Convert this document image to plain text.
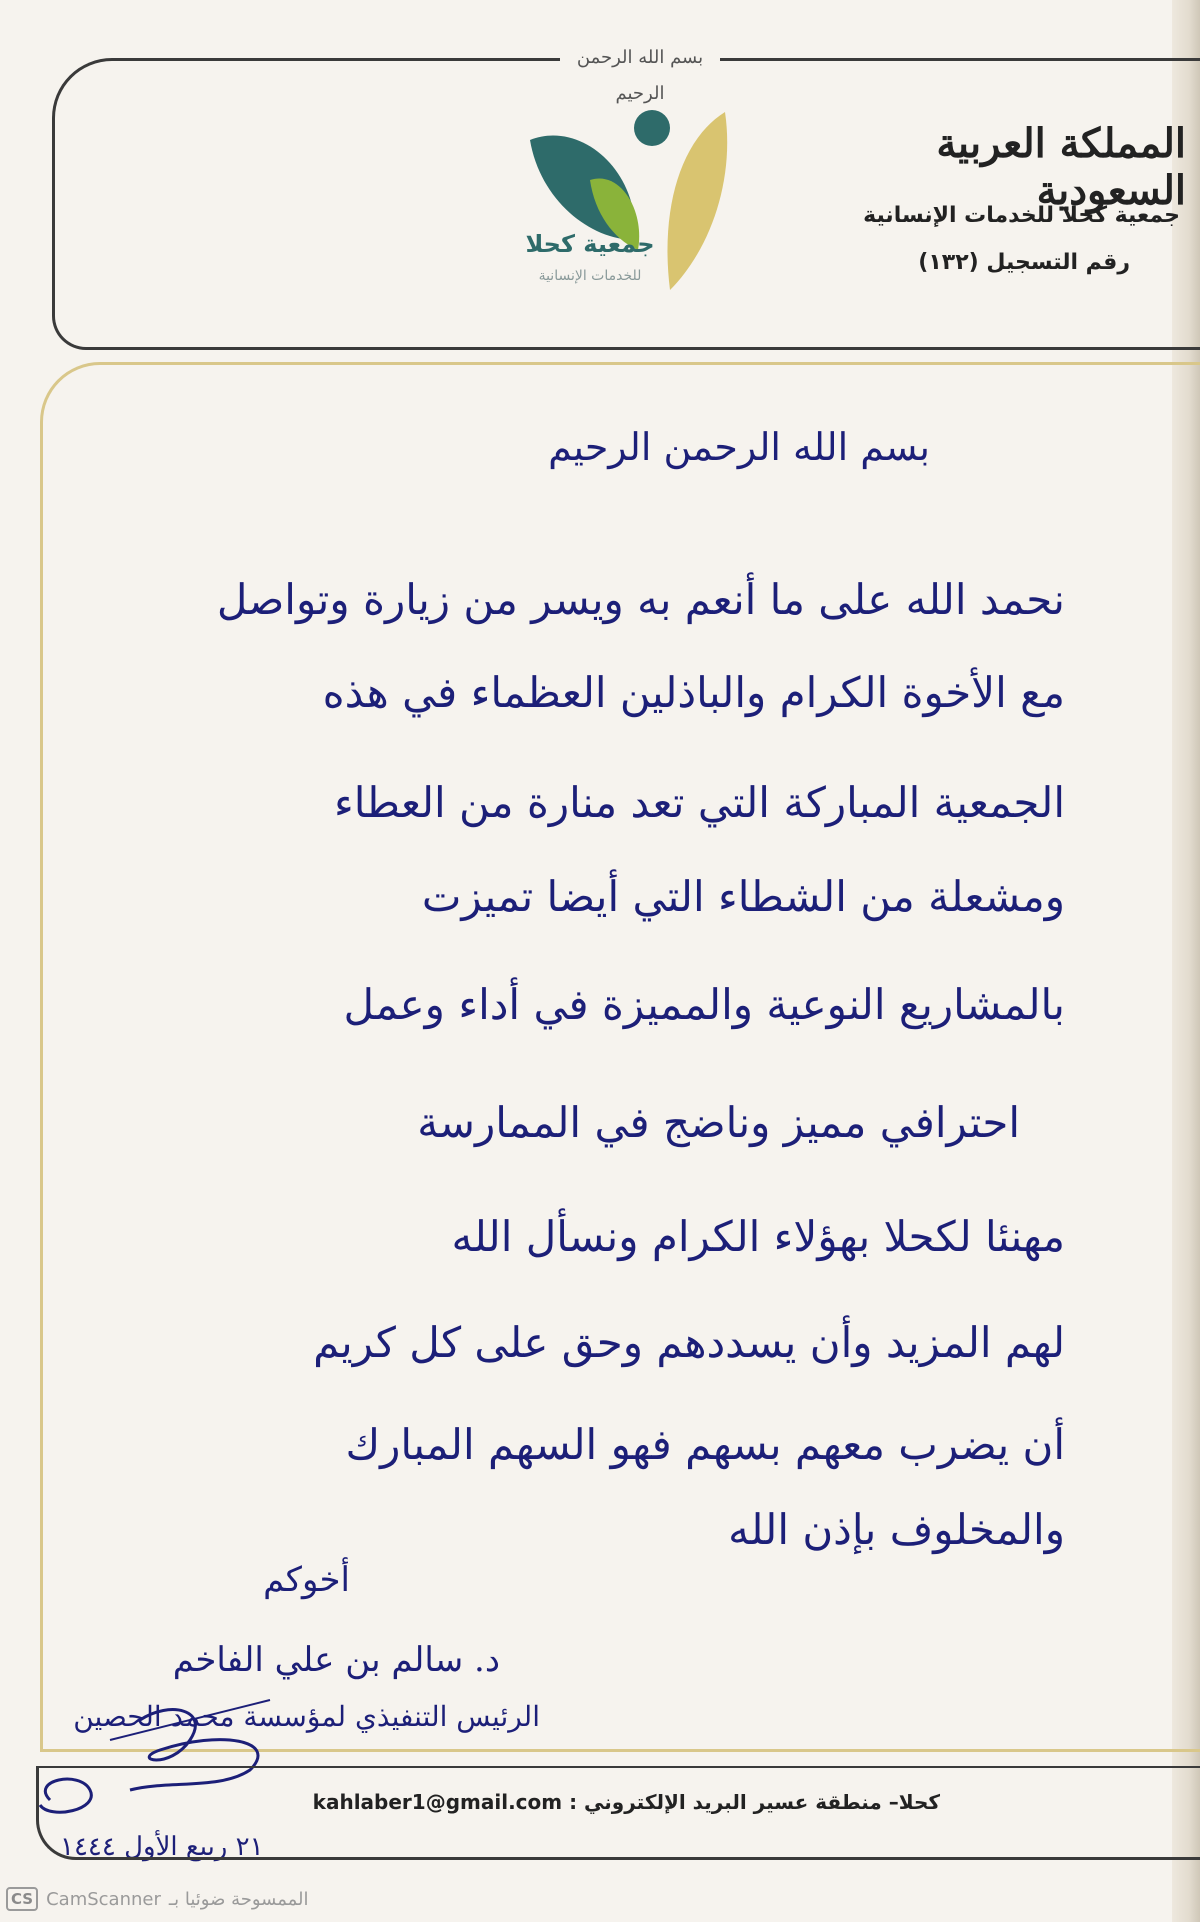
بسم الله الرحمن الرحيم
المملكة العربية السعودية
جمعية كحلا للخدمات الإنسانية
رقم التسجيل (١٣٢)
جمعية كحلا
للخدمات الإنسانية
بسم الله الرحمن الرحيم
نحمد الله على ما أنعم به ويسر من زيارة وتواصل
مع الأخوة الكرام والباذلين العظماء في هذه
الجمعية المباركة التي تعد منارة من العطاء
ومشعلة من الشطاء التي أيضا تميزت
بالمشاريع النوعية والمميزة في أداء وعمل
احترافي مميز وناضج في الممارسة
مهنئا لكحلا بهؤلاء الكرام ونسأل الله
لهم المزيد وأن يسددهم وحق على كل كريم
أن يضرب معهم بسهم فهو السهم المبارك
والمخلوف بإذن الله
أخوكم
د. سالم بن علي الفاخم
الرئيس التنفيذي لمؤسسة محمد الحصين
٢١ ربيع الأول ١٤٤٤
كحلا– منطقة عسير البريد الإلكتروني : kahlaber1@gmail.com
CS CamScanner الممسوحة ضوئيا بـ
